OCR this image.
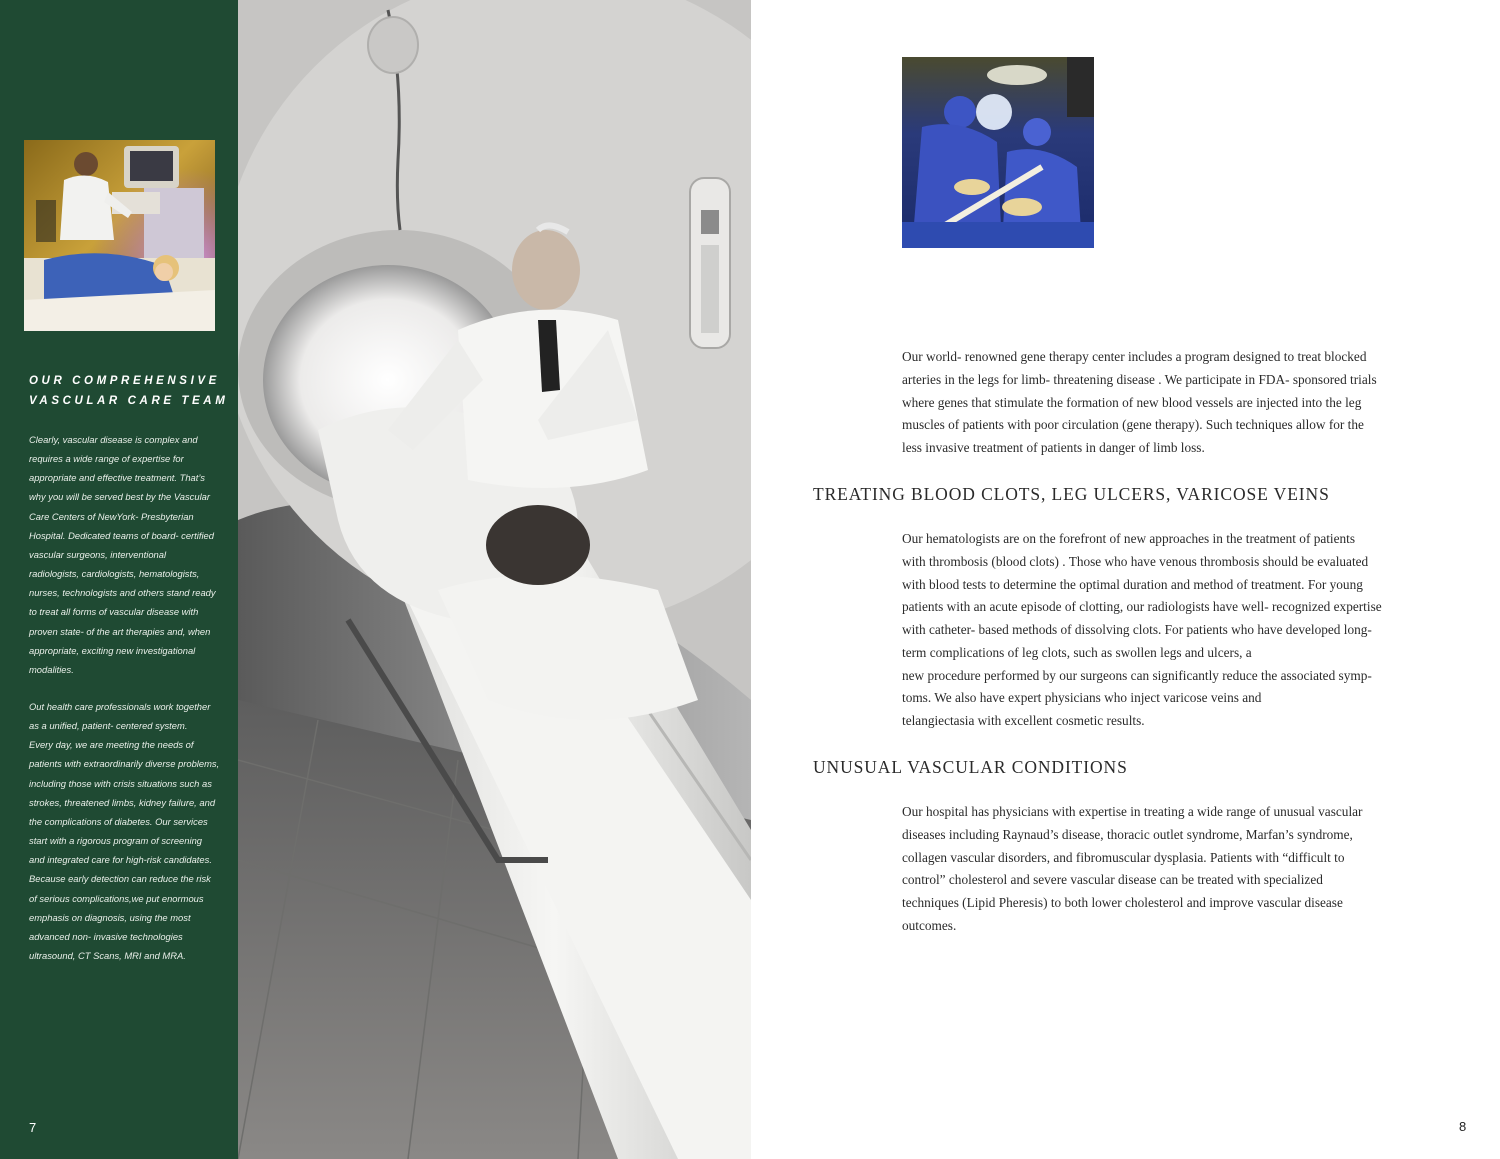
OUR COMPREHENSIVE
VASCULAR CARE TEAM
Clearly, vascular disease is complex and
requires a wide range of expertise for
appropriate and effective treatment. That’s
why you will be served best by the Vascular
Care Centers of NewYork- Presbyterian
Hospital. Dedicated teams of board- certified
vascular surgeons, interventional
radiologists, cardiologists, hematologists,
nurses, technologists and others stand ready
to treat all forms of vascular disease with
proven state- of the art therapies and, when
appropriate, exciting new investigational
modalities.
Out health care professionals work together
as a unified, patient- centered system.
Every day, we are meeting the needs of
patients with extraordinarily diverse problems,
including those with crisis situations such as
strokes, threatened limbs, kidney failure, and
the complications of diabetes. Our services
start with a rigorous program of screening
and integrated care for high-risk candidates.
Because early detection can reduce the risk
of serious complications,we put enormous
emphasis on diagnosis, using the most
advanced non- invasive technologies
ultrasound, CT Scans, MRI and MRA.
7
Our world- renowned gene therapy center includes a program designed to treat blocked
arteries in the legs for limb- threatening disease . We participate in FDA- sponsored trials
where genes that stimulate the formation of new blood vessels are injected into the leg
muscles of patients with poor circulation (gene therapy). Such techniques allow for the
less invasive treatment of patients in danger of limb loss.
TREATING BLOOD CLOTS, LEG ULCERS, VARICOSE VEINS
Our hematologists are on the forefront of new approaches in the treatment of patients
with thrombosis (blood clots) . Those who have venous thrombosis should be evaluated
with blood tests to determine the optimal duration and method of treatment. For young
patients with an acute episode of clotting, our radiologists have well- recognized expertise
with catheter- based methods of dissolving clots. For patients who have developed long-
term complications of leg clots, such as swollen legs and ulcers, a
new procedure performed by our surgeons can significantly reduce the associated symp-
toms. We also have expert physicians who inject varicose veins and
telangiectasia with excellent cosmetic results.
UNUSUAL VASCULAR CONDITIONS
Our hospital has physicians with expertise in treating a wide range of unusual vascular
diseases including Raynaud’s disease, thoracic outlet syndrome, Marfan’s syndrome,
collagen vascular disorders, and fibromuscular dysplasia. Patients with “difficult to
control” cholesterol and severe vascular disease can be treated with specialized
techniques (Lipid Pheresis) to both lower cholesterol and improve vascular disease
outcomes.
8
